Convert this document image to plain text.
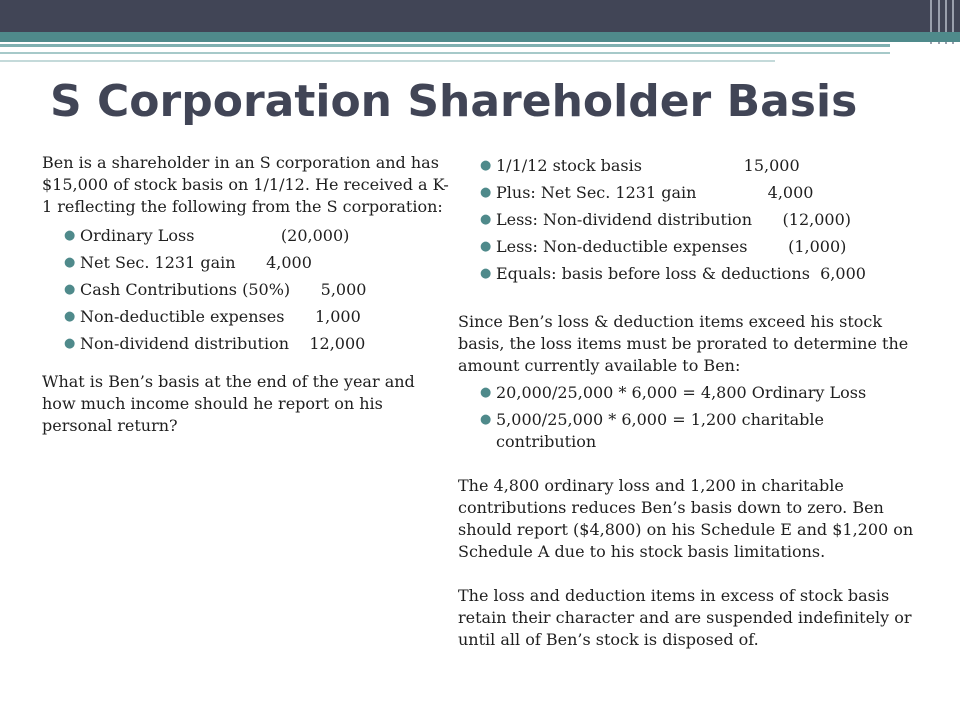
S Corporation Shareholder Basis

Ben is a shareholder in an S corporation and has $15,000 of stock basis on 1/1/12. He received a K-1 reflecting the following from the S corporation:

● Ordinary Loss	(20,000)
● Net Sec. 1231 gain 4,000
● Cash Contributions (50%) 5,000
● Non-deductible expenses 1,000
● Non-dividend distribution 12,000

What is Ben’s basis at the end of the year and how much income should he report on his personal return?

● 1/1/12 stock basis	15,000
● Plus: Net Sec. 1231 gain	4,000
● Less: Non-dividend distribution (12,000)
● Less: Non-deductible expenses	(1,000)
● Equals: basis before loss & deductions 6,000

Since Ben’s loss & deduction items exceed his stock basis, the loss items must be prorated to determine the amount currently available to Ben:

● 20,000/25,000 * 6,000 = 4,800 Ordinary Loss
● 5,000/25,000 * 6,000 = 1,200 charitable contribution

The 4,800 ordinary loss and 1,200 in charitable contributions reduces Ben’s basis down to zero. Ben should report ($4,800) on his Schedule E and $1,200 on Schedule A due to his stock basis limitations.

The loss and deduction items in excess of stock basis retain their character and are suspended indefinitely or until all of Ben’s stock is disposed of.
